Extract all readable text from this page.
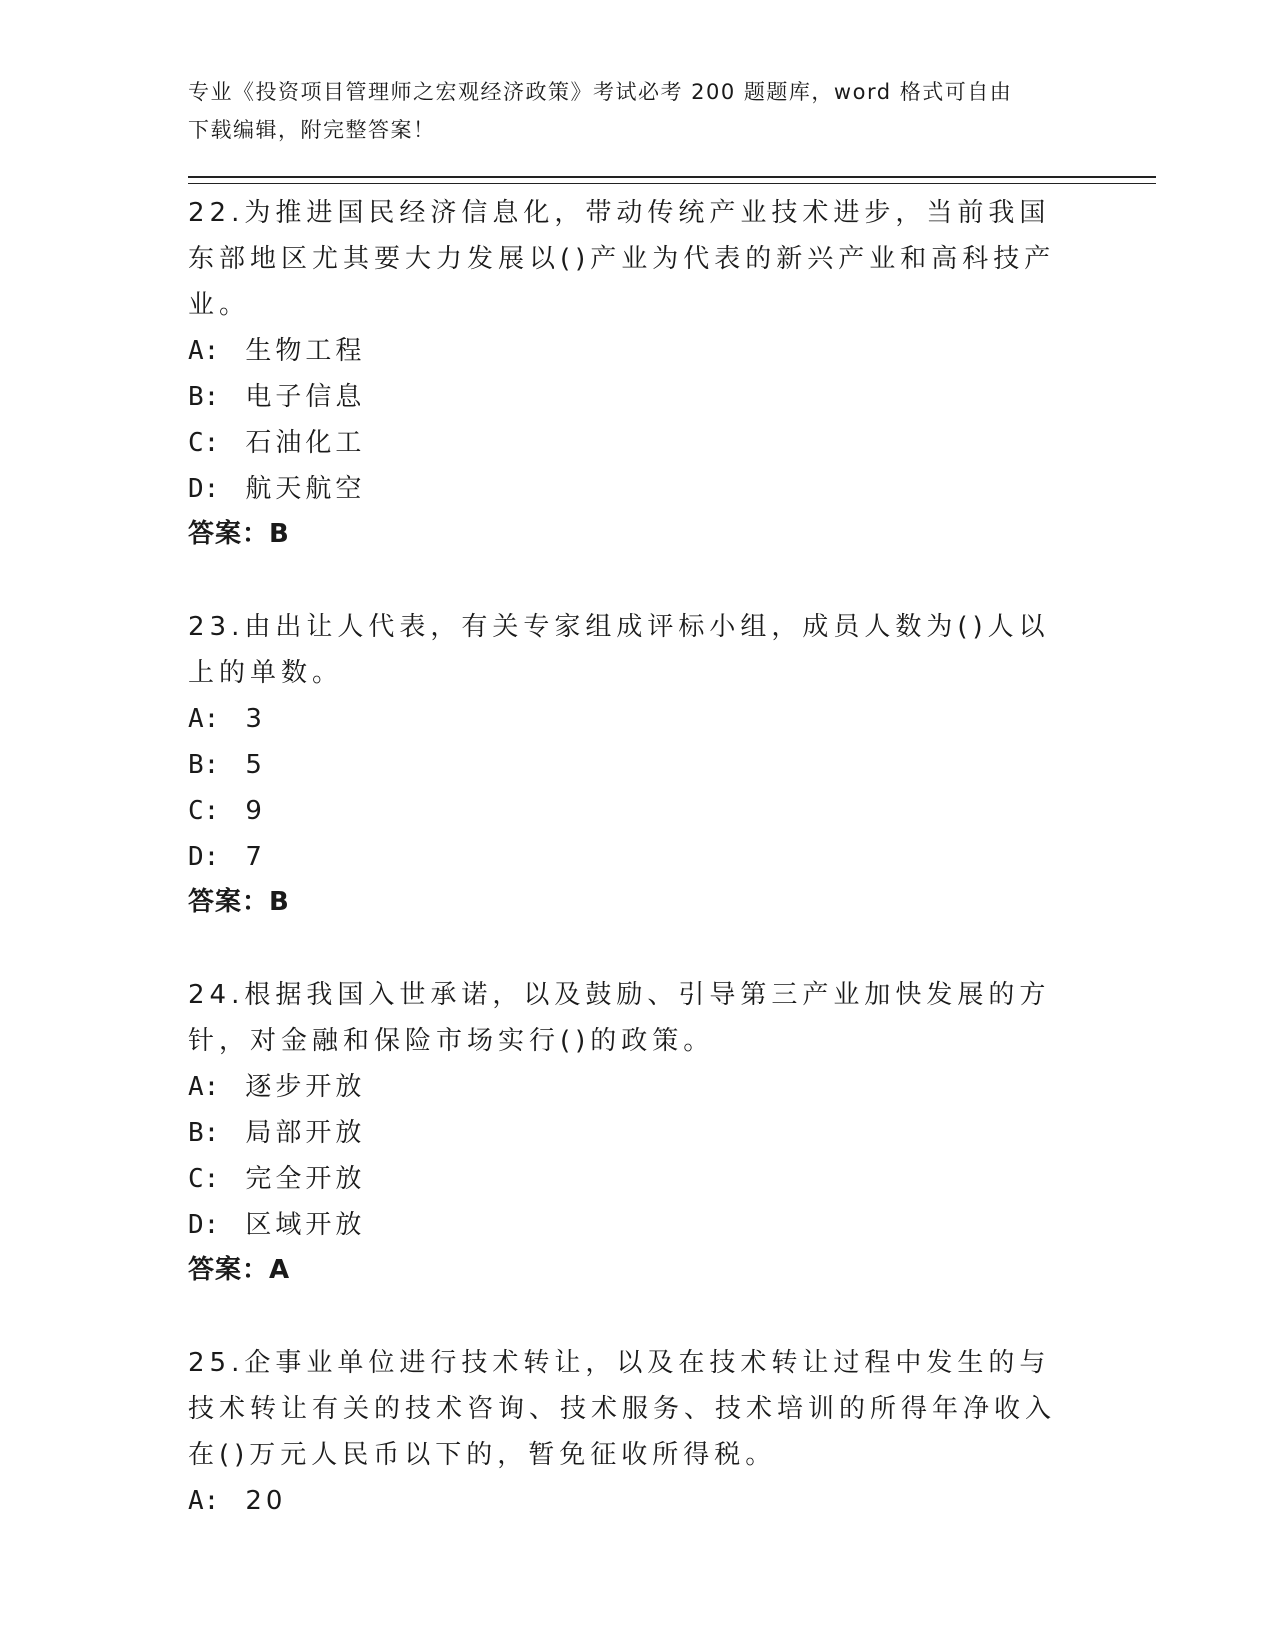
专业《投资项目管理师之宏观经济政策》考试必考 200 题题库，word 格式可自由
下载编辑，附完整答案！

22.为推进国民经济信息化，带动传统产业技术进步，当前我国东部地区尤其要大力发展以()产业为代表的新兴产业和高科技产业。

A: 生物工程

B: 电子信息

C: 石油化工

D: 航天航空

答案：B

23.由出让人代表，有关专家组成评标小组，成员人数为()人以上的单数。

A: 3

B: 5

C: 9

D: 7

答案：B

24.根据我国入世承诺，以及鼓励、引导第三产业加快发展的方针，对金融和保险市场实行()的政策。

A: 逐步开放

B: 局部开放

C: 完全开放

D: 区域开放

答案：A

25.企事业单位进行技术转让，以及在技术转让过程中发生的与技术转让有关的技术咨询、技术服务、技术培训的所得年净收入在()万元人民币以下的，暂免征收所得税。

A: 20
